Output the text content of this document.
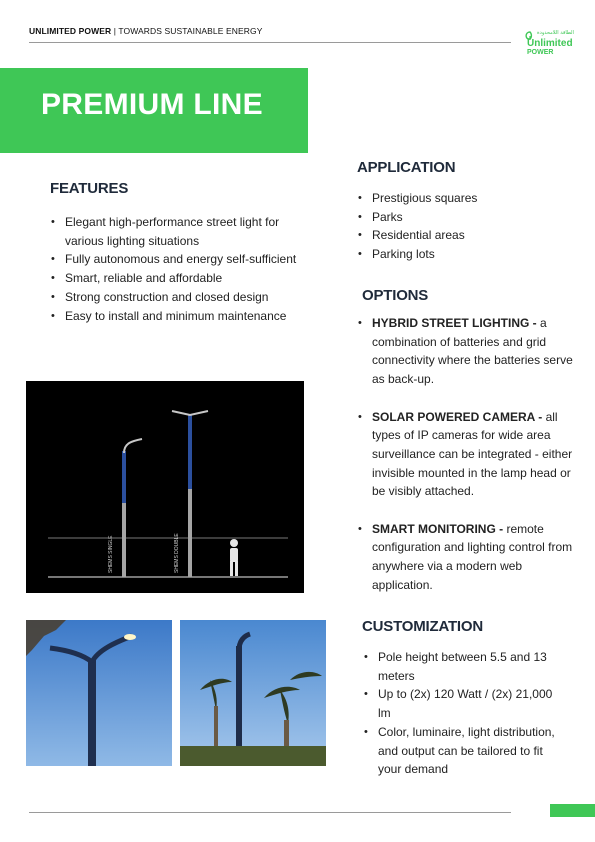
UNLIMITED POWER | TOWARDS SUSTAINABLE ENERGY	الطاقة اللامحدودة
Unlimited
POWER
PREMIUM LINE
FEATURES
• Elegant high-performance street light for various lighting situations
• Fully autonomous and energy self-sufficient
• Smart, reliable and affordable
• Strong construction and closed design
• Easy to install and minimum maintenance
APPLICATION
• Prestigious squares
• Parks
• Residential areas
• Parking lots
OPTIONS
• HYBRID STREET LIGHTING - a combination of batteries and grid connectivity where the batteries serve as back-up.
• SOLAR POWERED CAMERA - all types of IP cameras for wide area surveillance can be integrated - either invisible mounted in the lamp head or be visibly attached.
• SMART MONITORING - remote configuration and lighting control from anywhere via a modern web application.
CUSTOMIZATION
• Pole height between 5.5 and 13 meters
• Up to (2x) 120 Watt / (2x) 21,000 lm
• Color, luminaire, light distribution, and output can be tailored to fit your demand
SHEMS SINGLE	SHEMS DOUBLE
